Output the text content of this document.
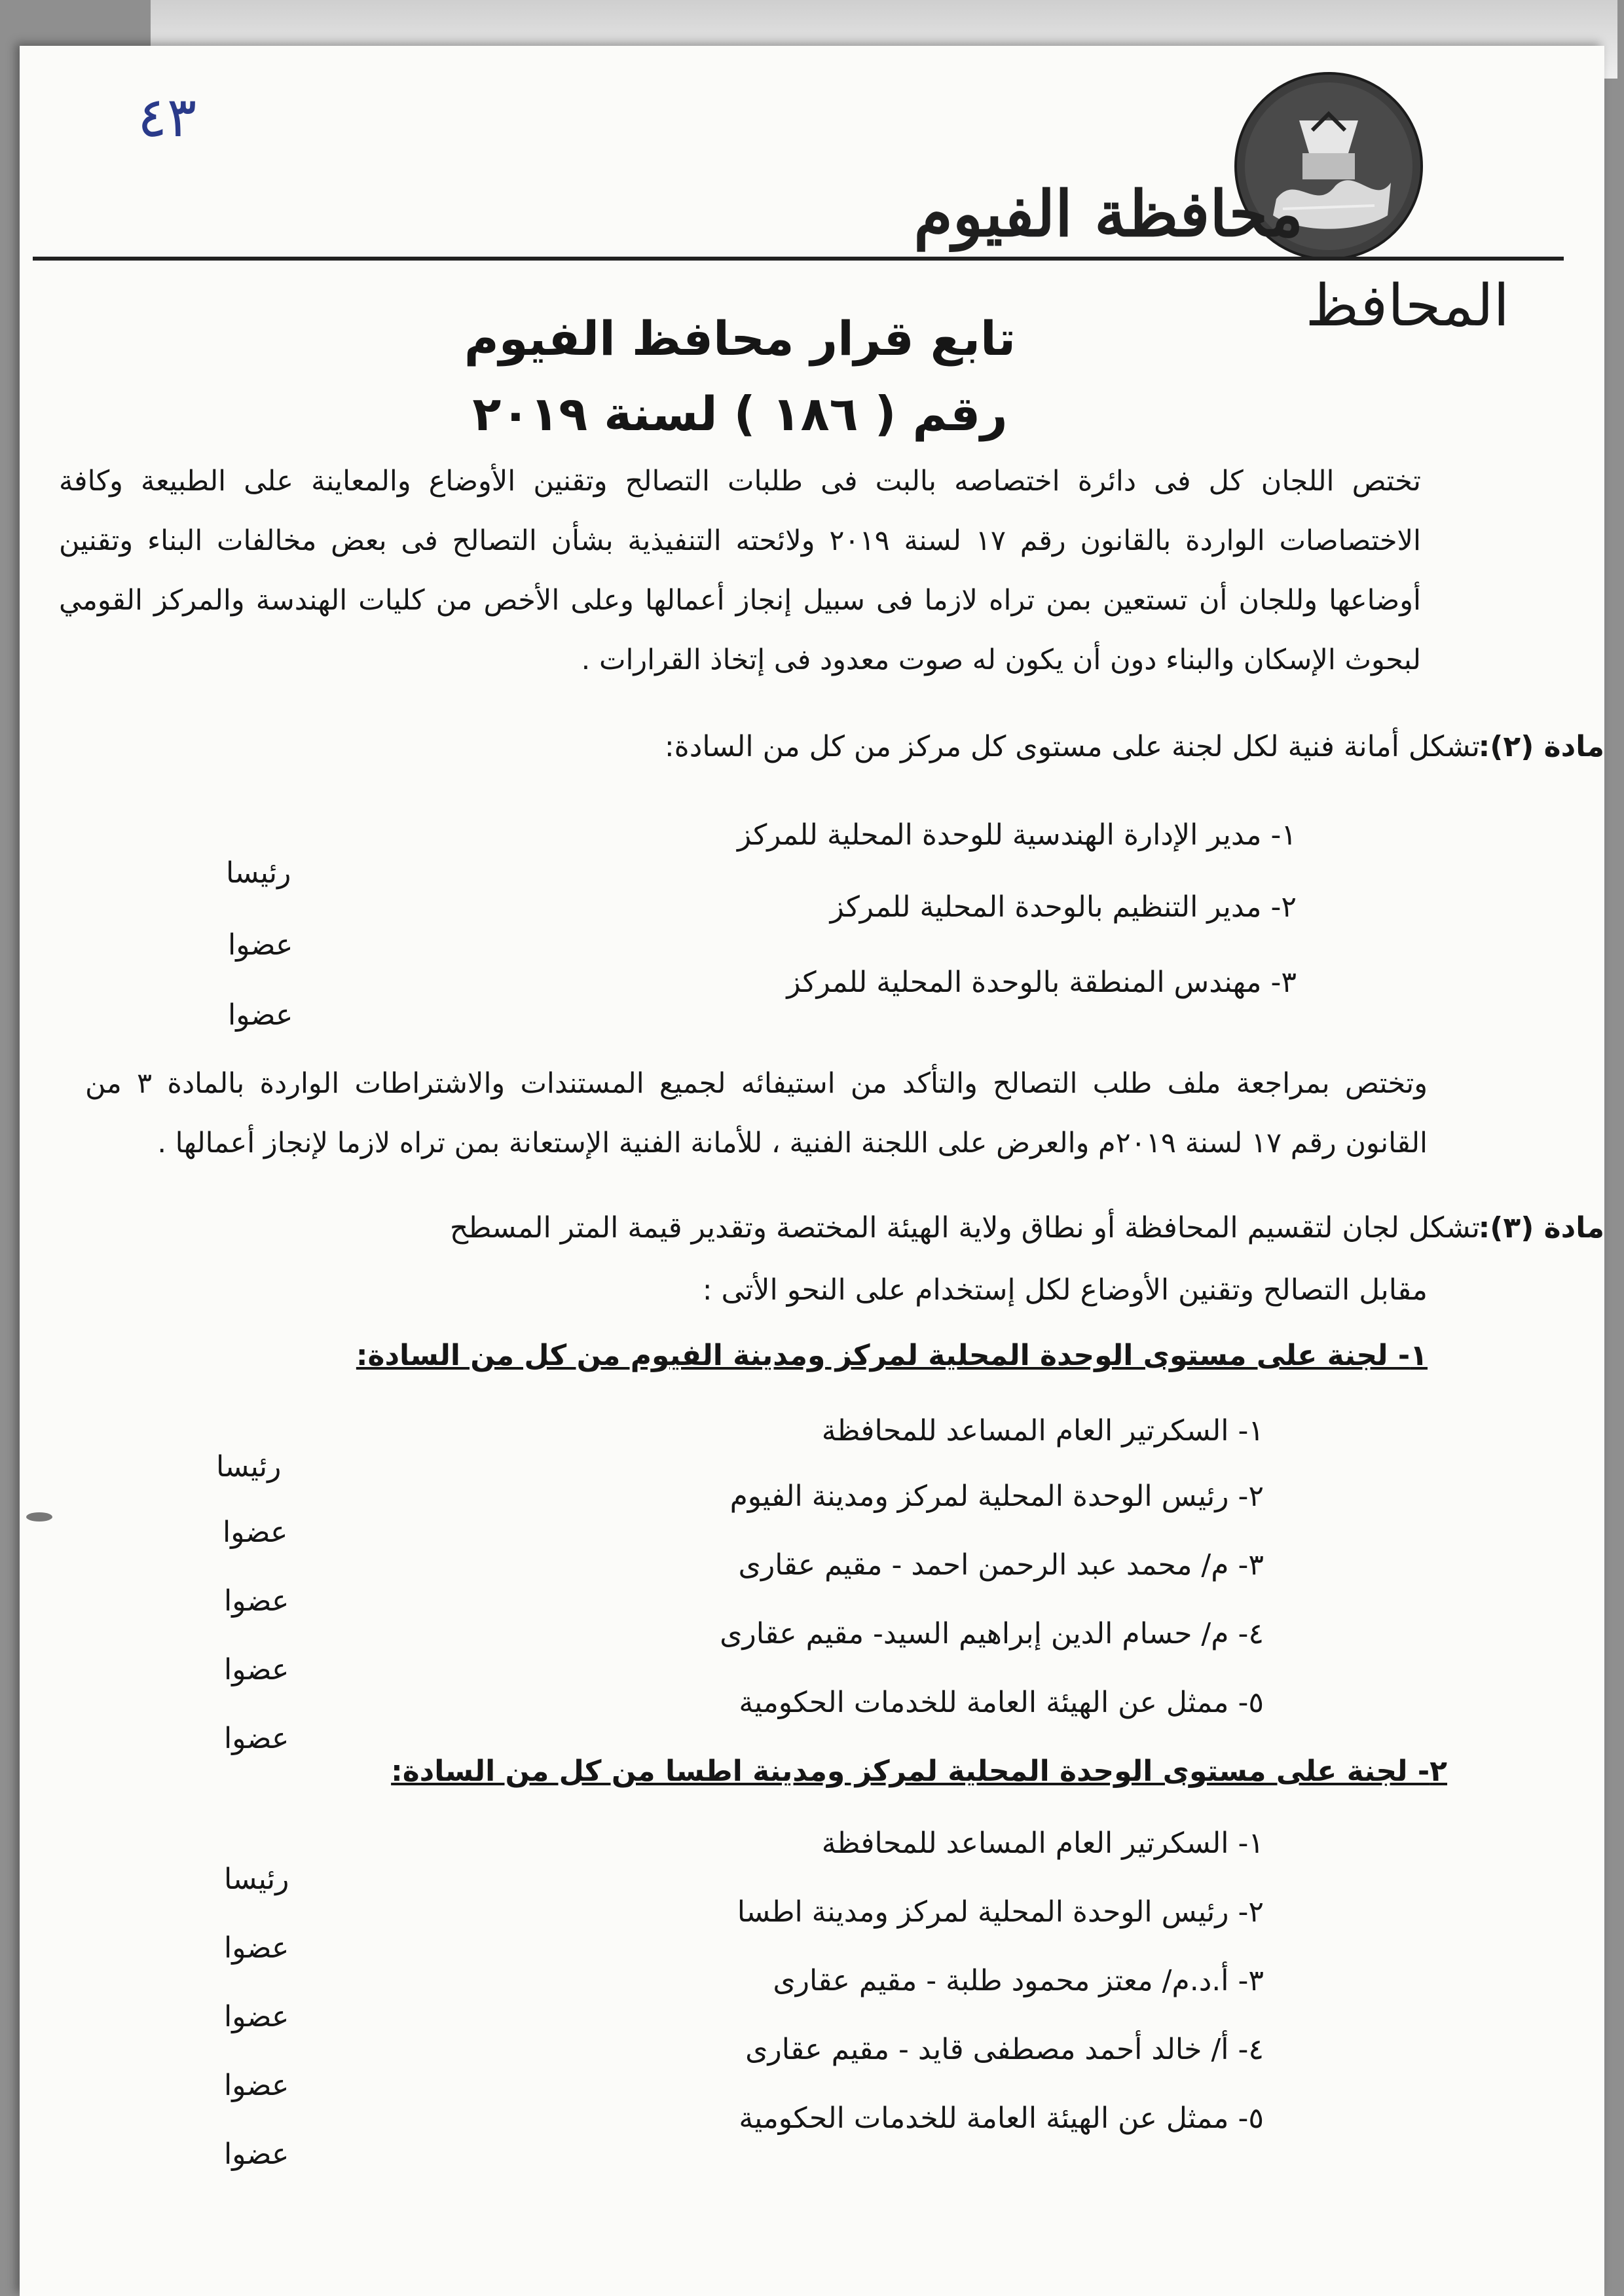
٤٣
محافظة الفيوم
المحافظ
تابع قرار محافظ الفيوم
رقم ( ١٨٦ ) لسنة ٢٠١٩
تختص اللجان كل فى دائرة اختصاصه بالبت فى طلبات التصالح وتقنين الأوضاع والمعاينة على الطبيعة وكافة الاختصاصات الواردة بالقانون رقم ١٧ لسنة ٢٠١٩ ولائحته التنفيذية بشأن التصالح فى بعض مخالفات البناء وتقنين أوضاعها وللجان أن تستعين بمن تراه لازما فى سبيل إنجاز أعمالها وعلى الأخص من كليات الهندسة والمركز القومي لبحوث الإسكان والبناء دون أن يكون له صوت معدود فى إتخاذ القرارات .
مادة (٢):
تشكل أمانة فنية لكل لجنة على مستوى كل مركز من كل من السادة:
١- مدير الإدارة الهندسية للوحدة المحلية للمركز
رئيسا
٢- مدير التنظيم بالوحدة المحلية للمركز
عضوا
٣- مهندس المنطقة بالوحدة المحلية للمركز
عضوا
وتختص بمراجعة ملف طلب التصالح والتأكد من استيفائه لجميع المستندات والاشتراطات الواردة بالمادة ٣ من القانون رقم ١٧ لسنة ٢٠١٩م والعرض على اللجنة الفنية ، للأمانة الفنية الإستعانة بمن تراه لازما لإنجاز أعمالها .
مادة (٣):
تشكل لجان لتقسيم المحافظة أو نطاق ولاية الهيئة المختصة وتقدير قيمة المتر المسطح
مقابل التصالح وتقنين الأوضاع لكل إستخدام على النحو الأتى :
١- لجنة على مستوى الوحدة المحلية لمركز ومدينة الفيوم من كل من السادة:
١- السكرتير العام المساعد للمحافظة
رئيسا
٢- رئيس الوحدة المحلية لمركز ومدينة الفيوم
عضوا
٣- م/ محمد عبد الرحمن احمد - مقيم عقارى
عضوا
٤- م/ حسام الدين إبراهيم السيد- مقيم عقارى
عضوا
٥- ممثل عن الهيئة العامة للخدمات الحكومية
عضوا
٢- لجنة على مستوى الوحدة المحلية لمركز ومدينة اطسا من كل من السادة:
١- السكرتير العام المساعد للمحافظة
رئيسا
٢- رئيس الوحدة المحلية لمركز ومدينة اطسا
عضوا
٣- أ.د.م/ معتز محمود طلبة - مقيم عقارى
عضوا
٤- أ/ خالد أحمد مصطفى قايد - مقيم عقارى
عضوا
٥- ممثل عن الهيئة العامة للخدمات الحكومية
عضوا
